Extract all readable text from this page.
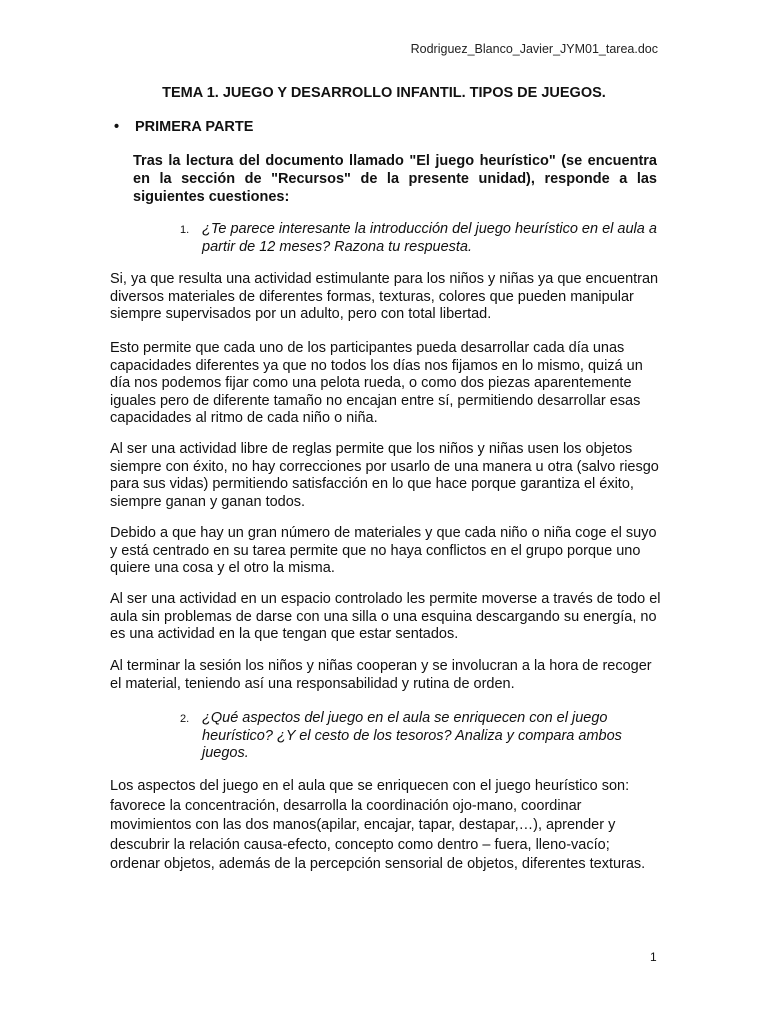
Rodriguez_Blanco_Javier_JYM01_tarea.doc
TEMA 1. JUEGO Y DESARROLLO INFANTIL. TIPOS DE JUEGOS.
• PRIMERA PARTE
Tras la lectura del documento llamado "El juego heurístico" (se encuentra en la sección de "Recursos" de la presente unidad), responde a las siguientes cuestiones:
1. ¿Te parece interesante la introducción del juego heurístico en el aula a partir de 12 meses? Razona tu respuesta.

Si, ya que resulta una actividad estimulante para los niños y niñas ya que encuentran diversos materiales de diferentes formas, texturas, colores que pueden manipular siempre supervisados por un adulto, pero con total libertad.

Esto permite que cada uno de los participantes pueda desarrollar cada día unas capacidades diferentes ya que no todos los días nos fijamos en lo mismo, quizá un día nos podemos fijar como una pelota rueda, o como dos piezas aparentemente iguales pero de diferente tamaño no encajan entre sí, permitiendo desarrollar esas capacidades al ritmo de cada niño o niña.

Al ser una actividad libre de reglas permite que los niños y niñas usen los objetos siempre con éxito, no hay correcciones por usarlo de una manera u otra (salvo riesgo para sus vidas) permitiendo satisfacción en lo que hace porque garantiza el éxito, siempre ganan y ganan todos.

Debido a que hay un gran número de materiales y que cada niño o niña coge el suyo y está centrado en su tarea permite que no haya conflictos en el grupo porque uno quiere una cosa y el otro la misma.

Al ser una actividad en un espacio controlado les permite moverse a través de todo el aula sin problemas de darse con una silla o una esquina descargando su energía, no es una actividad en la que tengan que estar sentados.

Al terminar la sesión los niños y niñas cooperan y se involucran a la hora de recoger el material, teniendo así una responsabilidad y rutina de orden.

2. ¿Qué aspectos del juego en el aula se enriquecen con el juego heurístico? ¿Y el cesto de los tesoros? Analiza y compara ambos juegos.

Los aspectos del juego en el aula que se enriquecen con el juego heurístico son: favorece la concentración, desarrolla la coordinación ojo-mano, coordinar movimientos con las dos manos(apilar, encajar, tapar, destapar,…), aprender y descubrir la relación causa-efecto, concepto como dentro – fuera, lleno-vacío; ordenar objetos, además de la percepción sensorial de objetos, diferentes texturas.

1
